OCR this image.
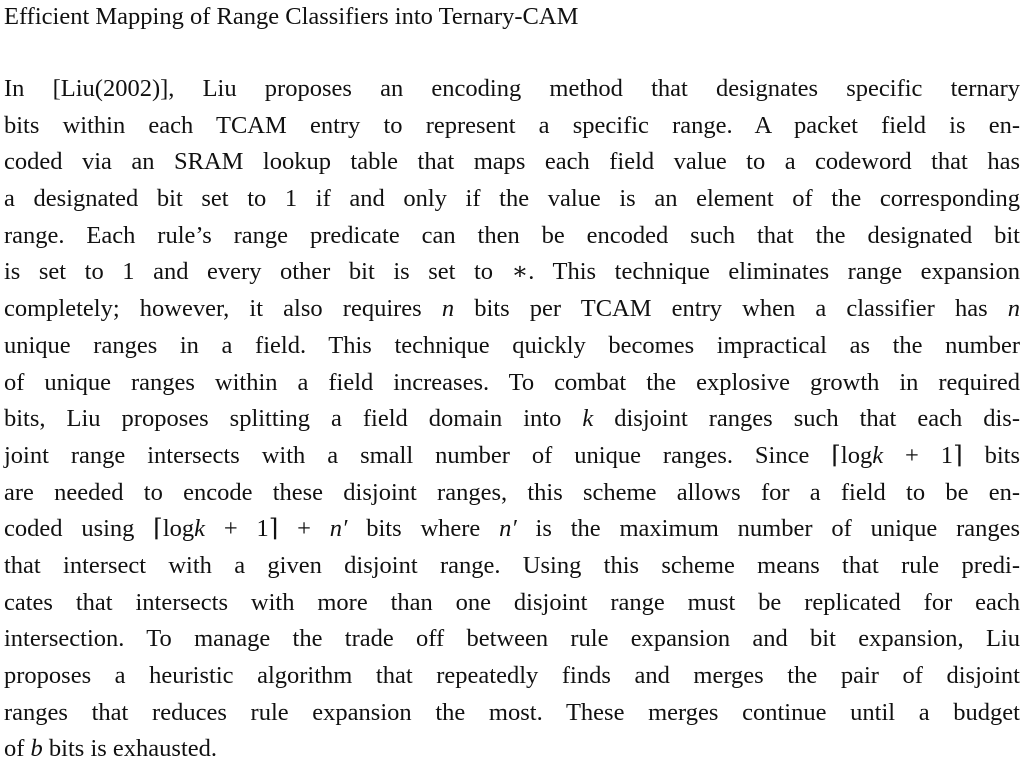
Efficient Mapping of Range Classifiers into Ternary-CAM
In [Liu(2002)], Liu proposes an encoding method that designates specific ternary
bits within each TCAM entry to represent a specific range. A packet field is en-
coded via an SRAM lookup table that maps each field value to a codeword that has
a designated bit set to 1 if and only if the value is an element of the corresponding
range. Each rule’s range predicate can then be encoded such that the designated bit
is set to 1 and every other bit is set to ∗. This technique eliminates range expansion
completely; however, it also requires n bits per TCAM entry when a classifier has n
unique ranges in a field. This technique quickly becomes impractical as the number
of unique ranges within a field increases. To combat the explosive growth in required
bits, Liu proposes splitting a field domain into k disjoint ranges such that each dis-
joint range intersects with a small number of unique ranges. Since ⌈logk + 1⌉ bits
are needed to encode these disjoint ranges, this scheme allows for a field to be en-
coded using ⌈logk + 1⌉ + n′ bits where n′ is the maximum number of unique ranges
that intersect with a given disjoint range. Using this scheme means that rule predi-
cates that intersects with more than one disjoint range must be replicated for each
intersection. To manage the trade off between rule expansion and bit expansion, Liu
proposes a heuristic algorithm that repeatedly finds and merges the pair of disjoint
ranges that reduces rule expansion the most. These merges continue until a budget
of b bits is exhausted.
